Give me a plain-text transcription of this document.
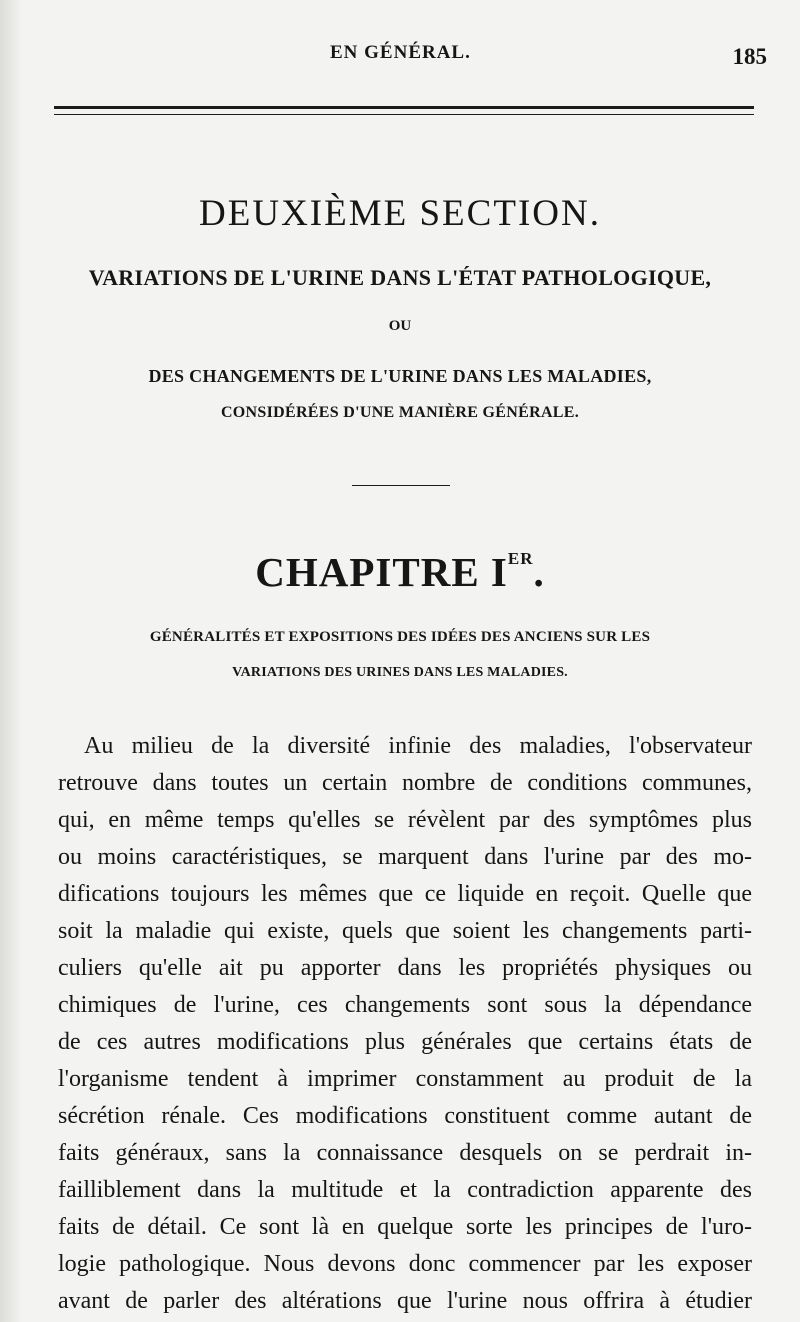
EN GÉNÉRAL.	185
DEUXIÈME SECTION.
VARIATIONS DE L'URINE DANS L'ÉTAT PATHOLOGIQUE,
OU
DES CHANGEMENTS DE L'URINE DANS LES MALADIES,
CONSIDÉRÉES D'UNE MANIÈRE GÉNÉRALE.
CHAPITRE IER.
GÉNÉRALITÉS ET EXPOSITIONS DES IDÉES DES ANCIENS SUR LES
VARIATIONS DES URINES DANS LES MALADIES.
Au milieu de la diversité infinie des maladies, l'observateur
retrouve dans toutes un certain nombre de conditions communes,
qui, en même temps qu'elles se révèlent par des symptômes plus
ou moins caractéristiques, se marquent dans l'urine par des mo-
difications toujours les mêmes que ce liquide en reçoit. Quelle que
soit la maladie qui existe, quels que soient les changements parti-
culiers qu'elle ait pu apporter dans les propriétés physiques ou
chimiques de l'urine, ces changements sont sous la dépendance
de ces autres modifications plus générales que certains états de
l'organisme tendent à imprimer constamment au produit de la
sécrétion rénale. Ces modifications constituent comme autant de
faits généraux, sans la connaissance desquels on se perdrait in-
failliblement dans la multitude et la contradiction apparente des
faits de détail. Ce sont là en quelque sorte les principes de l'uro-
logie pathologique. Nous devons donc commencer par les exposer
avant de parler des altérations que l'urine nous offrira à étudier
